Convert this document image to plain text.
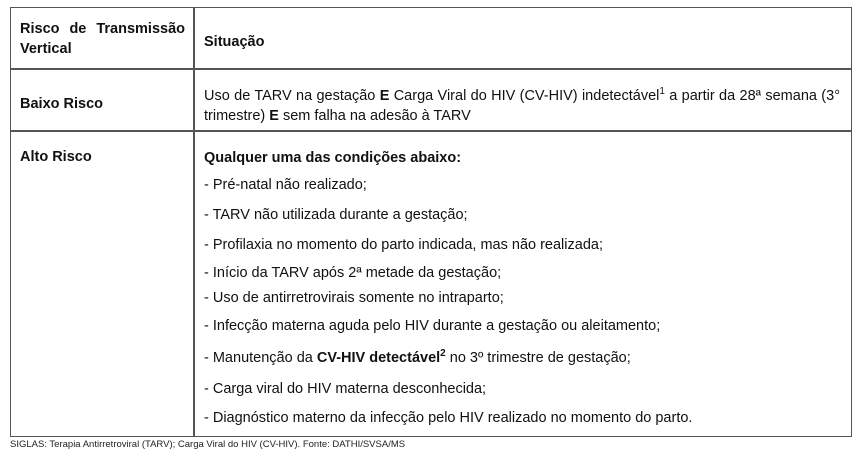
Risco de Transmissão Vertical	Situação
Baixo Risco	Uso de TARV na gestação E Carga Viral do HIV (CV-HIV) indetectável$^1$ a partir da 28ª semana (3° trimestre) E sem falha na adesão à TARV
Alto Risco	Qualquer uma das condições abaixo:
- Pré-natal não realizado;
- TARV não utilizada durante a gestação;
- Profilaxia no momento do parto indicada, mas não realizada;
- Início da TARV após 2ª metade da gestação;
- Uso de antirretrovirais somente no intraparto;
- Infecção materna aguda pelo HIV durante a gestação ou aleitamento;
- Manutenção da CV-HIV detectável$^2$ no 3º trimestre de gestação;
- Carga viral do HIV materna desconhecida;
- Diagnóstico materno da infecção pelo HIV realizado no momento do parto.
SIGLAS: Terapia Antirretroviral (TARV); Carga Viral do HIV (CV-HIV). Fonte: DATHI/SVSA/MS
